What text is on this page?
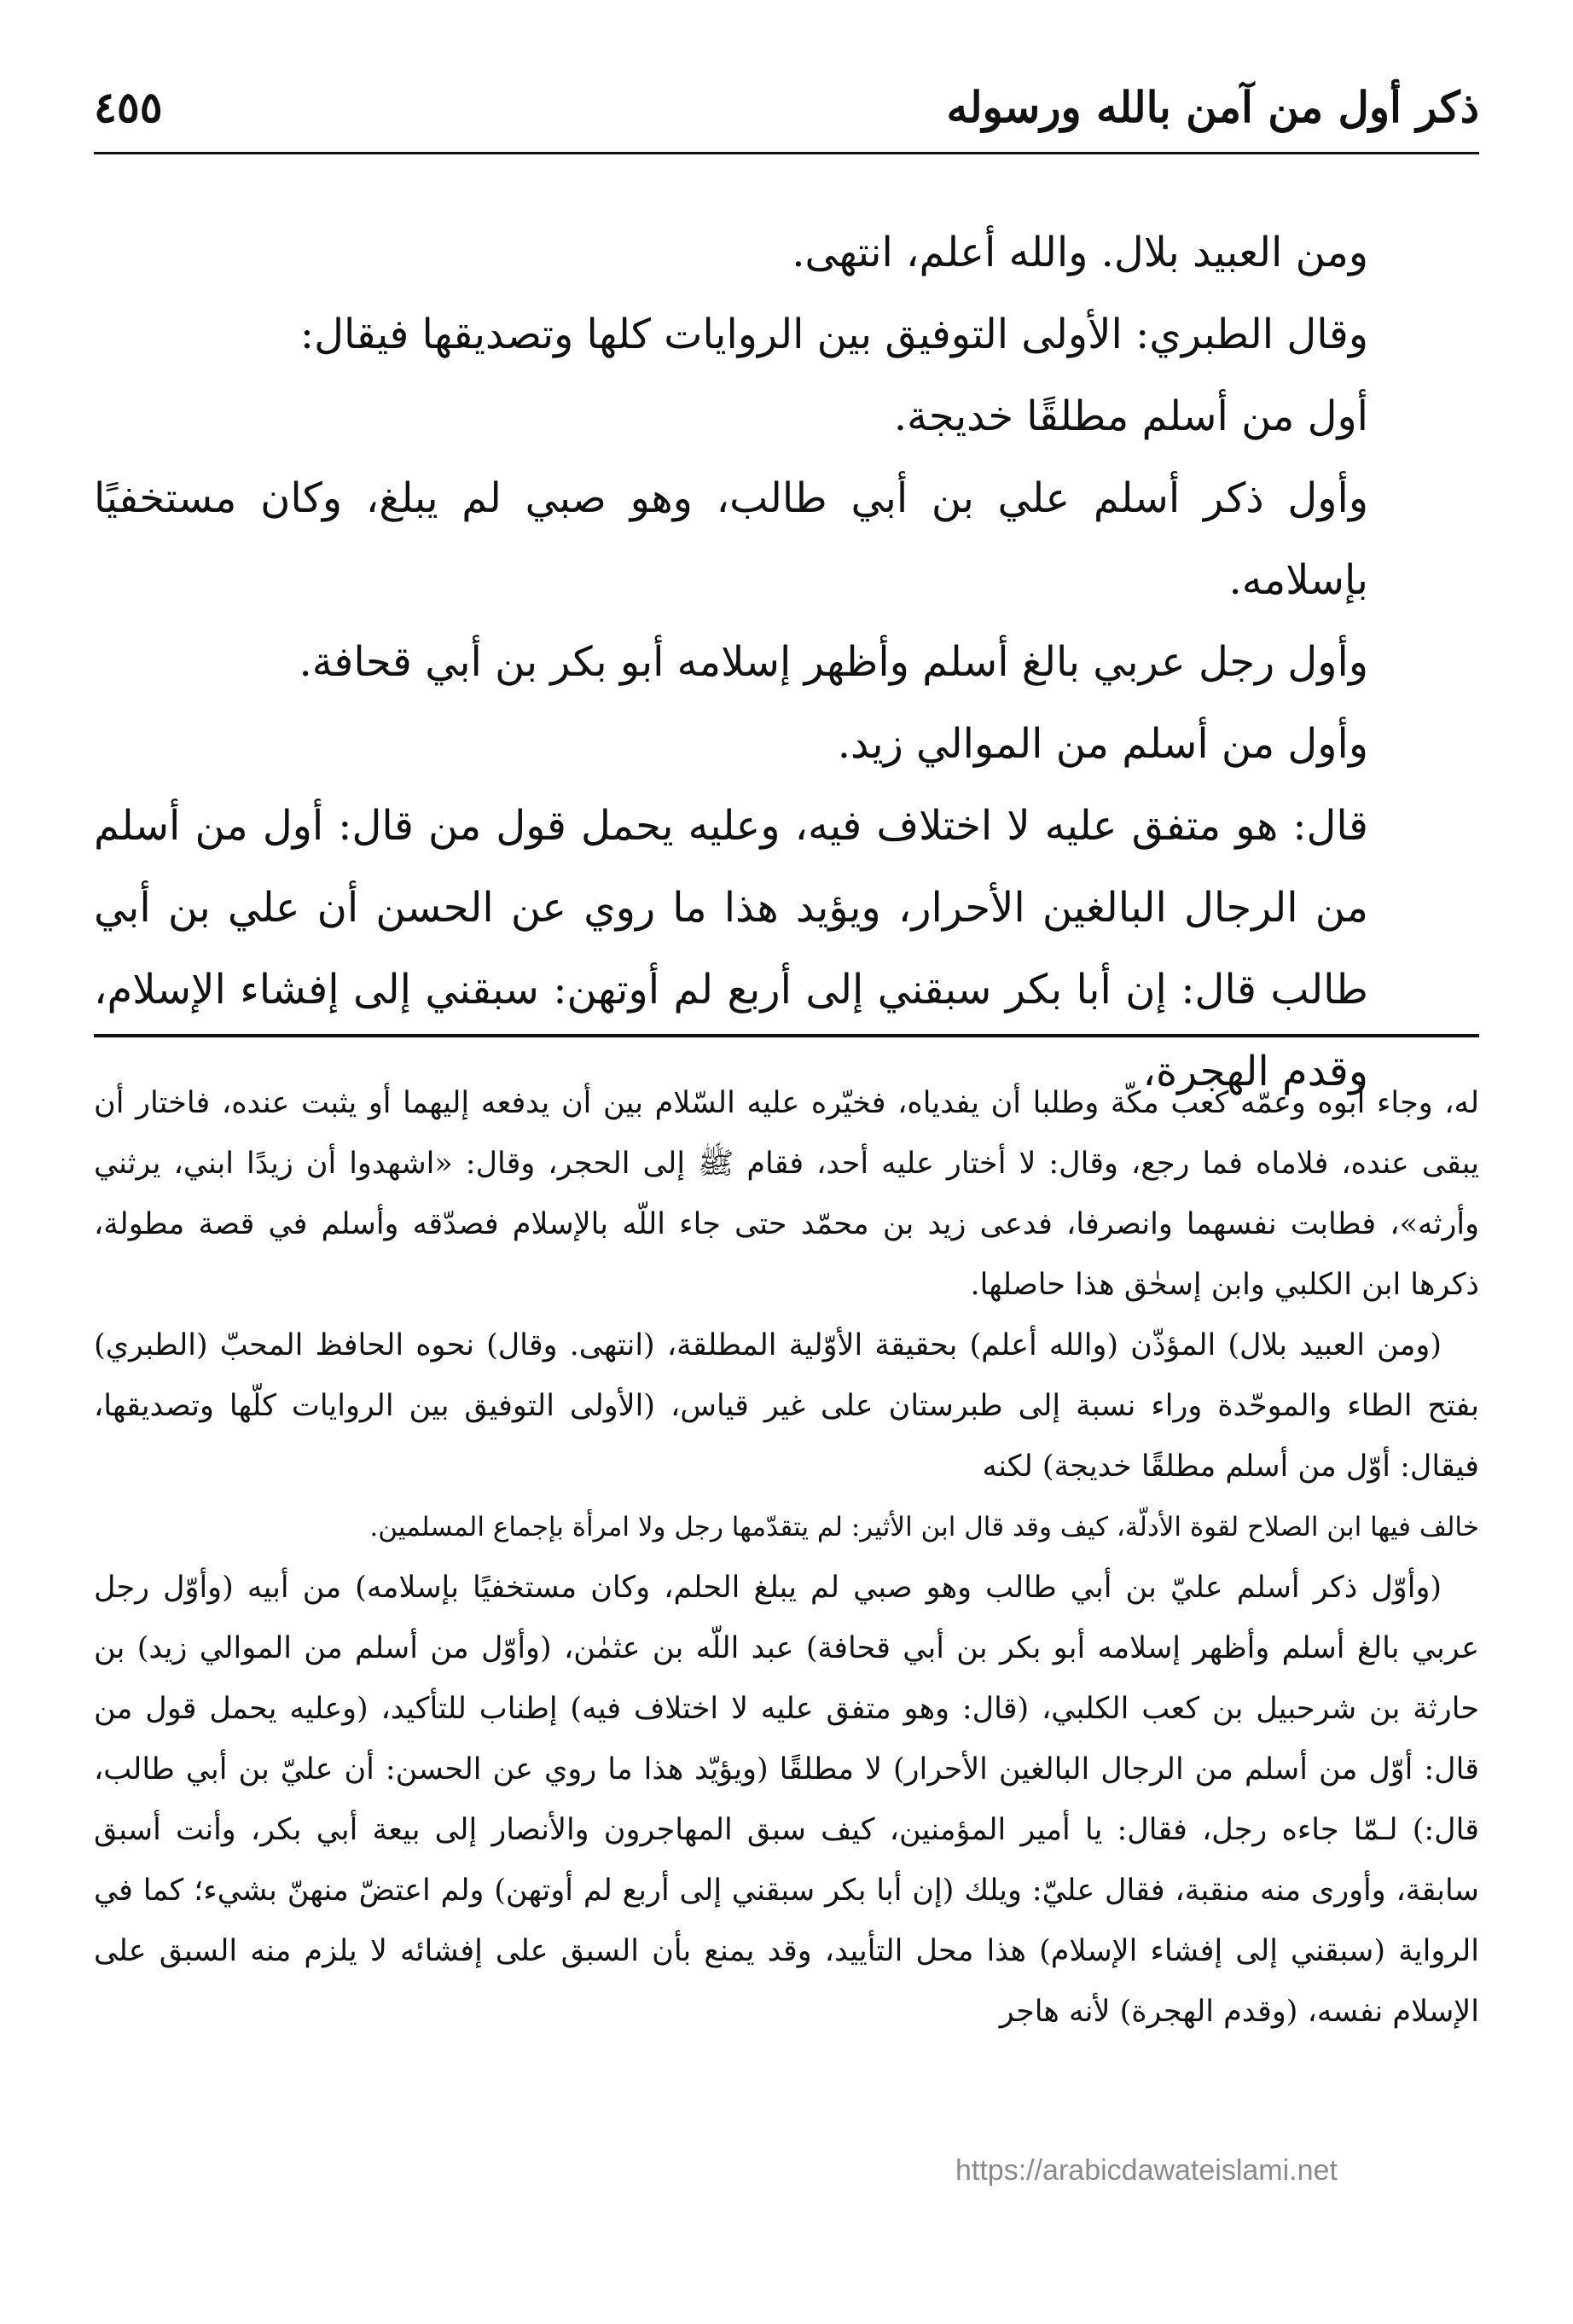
ذكر أول من آمن بالله ورسوله
٤٥٥

ومن العبيد بلال. والله أعلم، انتهى.

وقال الطبري: الأولى التوفيق بين الروايات كلها وتصديقها فيقال:

أول من أسلم مطلقًا خديجة.

وأول ذكر أسلم علي بن أبي طالب، وهو صبي لم يبلغ، وكان مستخفيًا بإسلامه.

وأول رجل عربي بالغ أسلم وأظهر إسلامه أبو بكر بن أبي قحافة.

وأول من أسلم من الموالي زيد.

قال: هو متفق عليه لا اختلاف فيه، وعليه يحمل قول من قال: أول من أسلم من الرجال البالغين الأحرار، ويؤيد هذا ما روي عن الحسن أن علي بن أبي طالب قال: إن أبا بكر سبقني إلى أربع لم أوتهن: سبقني إلى إفشاء الإسلام، وقدم الهجرة،

له، وجاء أبوه وعمّه كعب مكّة وطلبا أن يفدياه، فخيّره عليه السّلام بين أن يدفعه إليهما أو يثبت عنده، فاختار أن يبقى عنده، فلاماه فما رجع، وقال: لا أختار عليه أحد، فقام ﷺ إلى الحجر، وقال: «اشهدوا أن زيدًا ابني، يرثني وأرثه»، فطابت نفسهما وانصرفا، فدعى زيد بن محمّد حتى جاء اللّه بالإسلام فصدّقه وأسلم في قصة مطولة، ذكرها ابن الكلبي وابن إسحٰق هذا حاصلها.

(ومن العبيد بلال) المؤذّن (والله أعلم) بحقيقة الأوّلية المطلقة، (انتهى. وقال) نحوه الحافظ المحبّ (الطبري) بفتح الطاء والموحّدة وراء نسبة إلى طبرستان على غير قياس، (الأولى التوفيق بين الروايات كلّها وتصديقها، فيقال: أوّل من أسلم مطلقًا خديجة) لكنه

خالف فيها ابن الصلاح لقوة الأدلّة، كيف وقد قال ابن الأثير: لم يتقدّمها رجل ولا امرأة بإجماع المسلمين.

(وأوّل ذكر أسلم عليّ بن أبي طالب وهو صبي لم يبلغ الحلم، وكان مستخفيًا بإسلامه) من أبيه (وأوّل رجل عربي بالغ أسلم وأظهر إسلامه أبو بكر بن أبي قحافة) عبد اللّه بن عثمٰن، (وأوّل من أسلم من الموالي زيد) بن حارثة بن شرحبيل بن كعب الكلبي، (قال: وهو متفق عليه لا اختلاف فيه) إطناب للتأكيد، (وعليه يحمل قول من قال: أوّل من أسلم من الرجال البالغين الأحرار) لا مطلقًا (ويؤيّد هذا ما روي عن الحسن: أن عليّ بن أبي طالب، قال:) لـمّا جاءه رجل، فقال: يا أمير المؤمنين، كيف سبق المهاجرون والأنصار إلى بيعة أبي بكر، وأنت أسبق سابقة، وأورى منه منقبة، فقال عليّ: ويلك (إن أبا بكر سبقني إلى أربع لم أوتهن) ولم اعتضّ منهنّ بشيء؛ كما في الرواية (سبقني إلى إفشاء الإسلام) هذا محل التأييد، وقد يمنع بأن السبق على إفشائه لا يلزم منه السبق على الإسلام نفسه، (وقدم الهجرة) لأنه هاجر

https://arabicdawateislami.net
